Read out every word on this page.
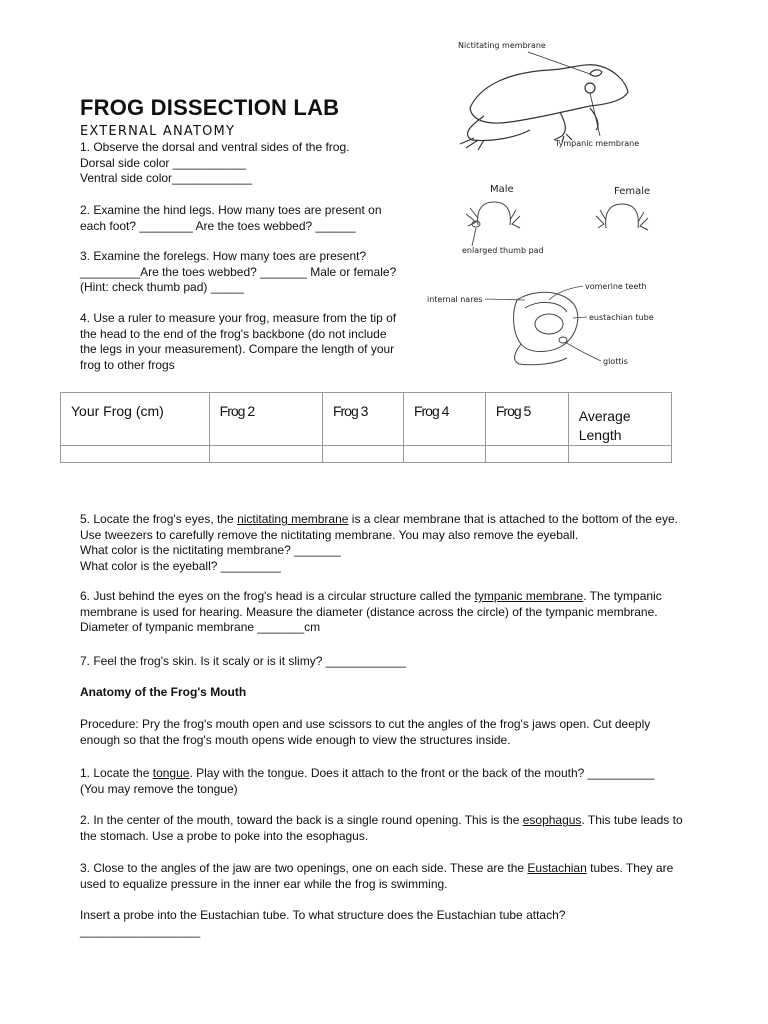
FROG DISSECTION LAB
EXTERNAL ANATOMY

1. Observe the dorsal and ventral sides of the frog.

Dorsal side color ___________

Ventral side color____________

2. Examine the hind legs. How many toes are present on

each foot? ________ Are the toes webbed? ______

3. Examine the forelegs. How many toes are present?

_________Are the toes webbed? _______ Male or female?

(Hint: check thumb pad) _____

4. Use a ruler to measure your frog, measure from the tip of

the head to the end of the frog's backbone (do not include

the legs in your measurement). Compare the length of your

frog to other frogs

Nictitating membrane
Tympanic membrane
Male	Female
enlarged thumb pad
internal nares
vomerine teeth
eustachian tube
glottis
Your Frog (cm)	Frog 2	Frog 3	Frog 4	Frog 5	Average Length

5. Locate the frog's eyes, the nictitating membrane is a clear membrane that is attached to the bottom of the eye.

Use tweezers to carefully remove the nictitating membrane. You may also remove the eyeball.

What color is the nictitating membrane? _______

What color is the eyeball? _________

6. Just behind the eyes on the frog's head is a circular structure called the tympanic membrane. The tympanic

membrane is used for hearing. Measure the diameter (distance across the circle) of the tympanic membrane.

Diameter of tympanic membrane _______cm

7. Feel the frog's skin. Is it scaly or is it slimy? ____________

Anatomy of the Frog's Mouth

Procedure: Pry the frog's mouth open and use scissors to cut the angles of the frog's jaws open. Cut deeply

enough so that the frog's mouth opens wide enough to view the structures inside.

1. Locate the tongue. Play with the tongue. Does it attach to the front or the back of the mouth? __________

(You may remove the tongue)

2. In the center of the mouth, toward the back is a single round opening. This is the esophagus. This tube leads to

the stomach. Use a probe to poke into the esophagus.

3. Close to the angles of the jaw are two openings, one on each side. These are the Eustachian tubes. They are

used to equalize pressure in the inner ear while the frog is swimming.

Insert a probe into the Eustachian tube. To what structure does the Eustachian tube attach?

__________________
